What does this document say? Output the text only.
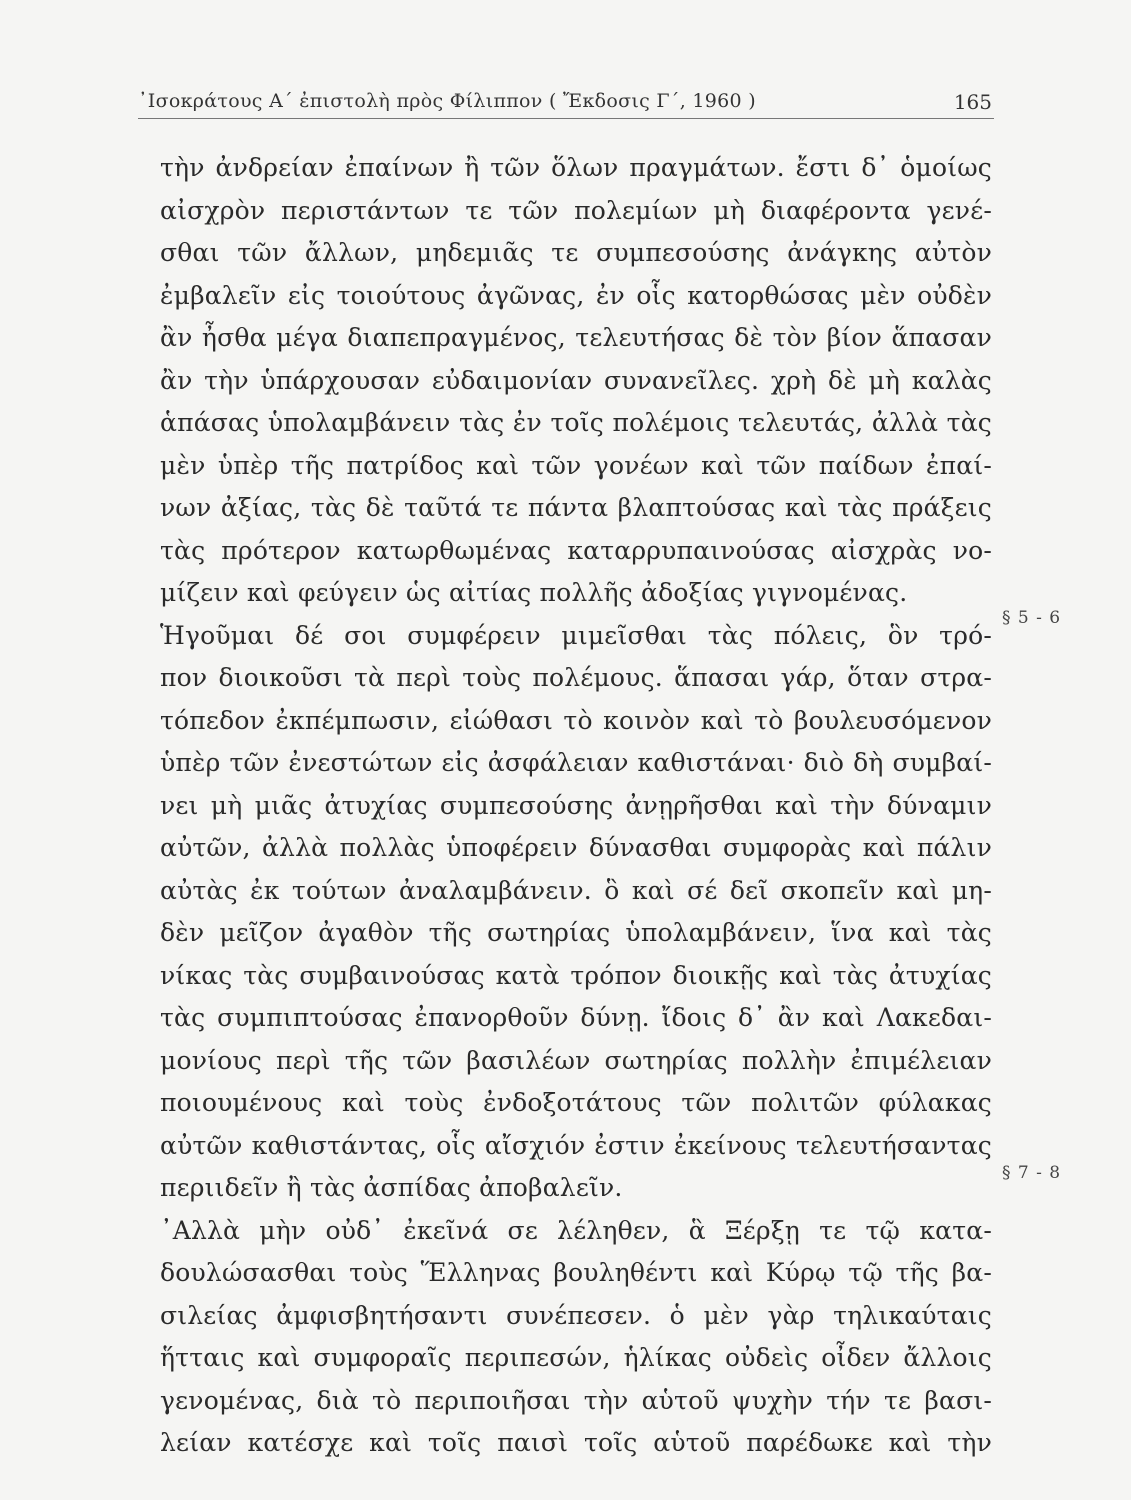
᾿Ισοκράτους Α΄ ἐπιστολὴ πρὸς Φίλιππον ( Ἔκδοσις Γ΄, 1960 )	165
τὴν ἀνδρείαν ἐπαίνων ἢ τῶν ὅλων πραγμάτων. ἔστι δ᾿ ὁμοίως
αἰσχρὸν περιστάντων τε τῶν πολεμίων μὴ διαφέροντα γενέ-
σθαι τῶν ἄλλων, μηδεμιᾶς τε συμπεσούσης ἀνάγκης αὐτὸν
ἐμβαλεῖν εἰς τοιούτους ἀγῶνας, ἐν οἷς κατορθώσας μὲν οὐδὲν
ἂν ἦσθα μέγα διαπεπραγμένος, τελευτήσας δὲ τὸν βίον ἅπασαν
ἂν τὴν ὑπάρχουσαν εὐδαιμονίαν συνανεῖλες. χρὴ δὲ μὴ καλὰς
ἁπάσας ὑπολαμβάνειν τὰς ἐν τοῖς πολέμοις τελευτάς, ἀλλὰ τὰς
μὲν ὑπὲρ τῆς πατρίδος καὶ τῶν γονέων καὶ τῶν παίδων ἐπαί-
νων ἀξίας, τὰς δὲ ταῦτά τε πάντα βλαπτούσας καὶ τὰς πράξεις
τὰς πρότερον κατωρθωμένας καταρρυπαινούσας αἰσχρὰς νο-
μίζειν καὶ φεύγειν ὡς αἰτίας πολλῆς ἀδοξίας γιγνομένας.
Ἡγοῦμαι δέ σοι συμφέρειν μιμεῖσθαι τὰς πόλεις, ὃν τρό-
πον διοικοῦσι τὰ περὶ τοὺς πολέμους. ἅπασαι γάρ, ὅταν στρα-
τόπεδον ἐκπέμπωσιν, εἰώθασι τὸ κοινὸν καὶ τὸ βουλευσόμενον
ὑπὲρ τῶν ἐνεστώτων εἰς ἀσφάλειαν καθιστάναι· διὸ δὴ συμβαί-
νει μὴ μιᾶς ἀτυχίας συμπεσούσης ἀνῃρῆσθαι καὶ τὴν δύναμιν
αὐτῶν, ἀλλὰ πολλὰς ὑποφέρειν δύνασθαι συμφορὰς καὶ πάλιν
αὐτὰς ἐκ τούτων ἀναλαμβάνειν. ὃ καὶ σέ δεῖ σκοπεῖν καὶ μη-
δὲν μεῖζον ἀγαθὸν τῆς σωτηρίας ὑπολαμβάνειν, ἵνα καὶ τὰς
νίκας τὰς συμβαινούσας κατὰ τρόπον διοικῇς καὶ τὰς ἀτυχίας
τὰς συμπιπτούσας ἐπανορθοῦν δύνῃ. ἴδοις δ᾿ ἂν καὶ Λακεδαι-
μονίους περὶ τῆς τῶν βασιλέων σωτηρίας πολλὴν ἐπιμέλειαν
ποιουμένους καὶ τοὺς ἐνδοξοτάτους τῶν πολιτῶν φύλακας
αὐτῶν καθιστάντας, οἷς αἴσχιόν ἐστιν ἐκείνους τελευτήσαντας
περιιδεῖν ἢ τὰς ἀσπίδας ἀποβαλεῖν.
᾿Αλλὰ μὴν οὐδ᾿ ἐκεῖνά σε λέληθεν, ἃ Ξέρξῃ τε τῷ κατα-
δουλώσασθαι τοὺς Ἕλληνας βουληθέντι καὶ Κύρῳ τῷ τῆς βα-
σιλείας ἀμφισβητήσαντι συνέπεσεν. ὁ μὲν γὰρ τηλικαύταις
ἥτταις καὶ συμφοραῖς περιπεσών, ἡλίκας οὐδεὶς οἶδεν ἄλλοις
γενομένας, διὰ τὸ περιποιῆσαι τὴν αὑτοῦ ψυχὴν τήν τε βασι-
λείαν κατέσχε καὶ τοῖς παισὶ τοῖς αὑτοῦ παρέδωκε καὶ τὴν
§ 5 - 6
§ 7 - 8
